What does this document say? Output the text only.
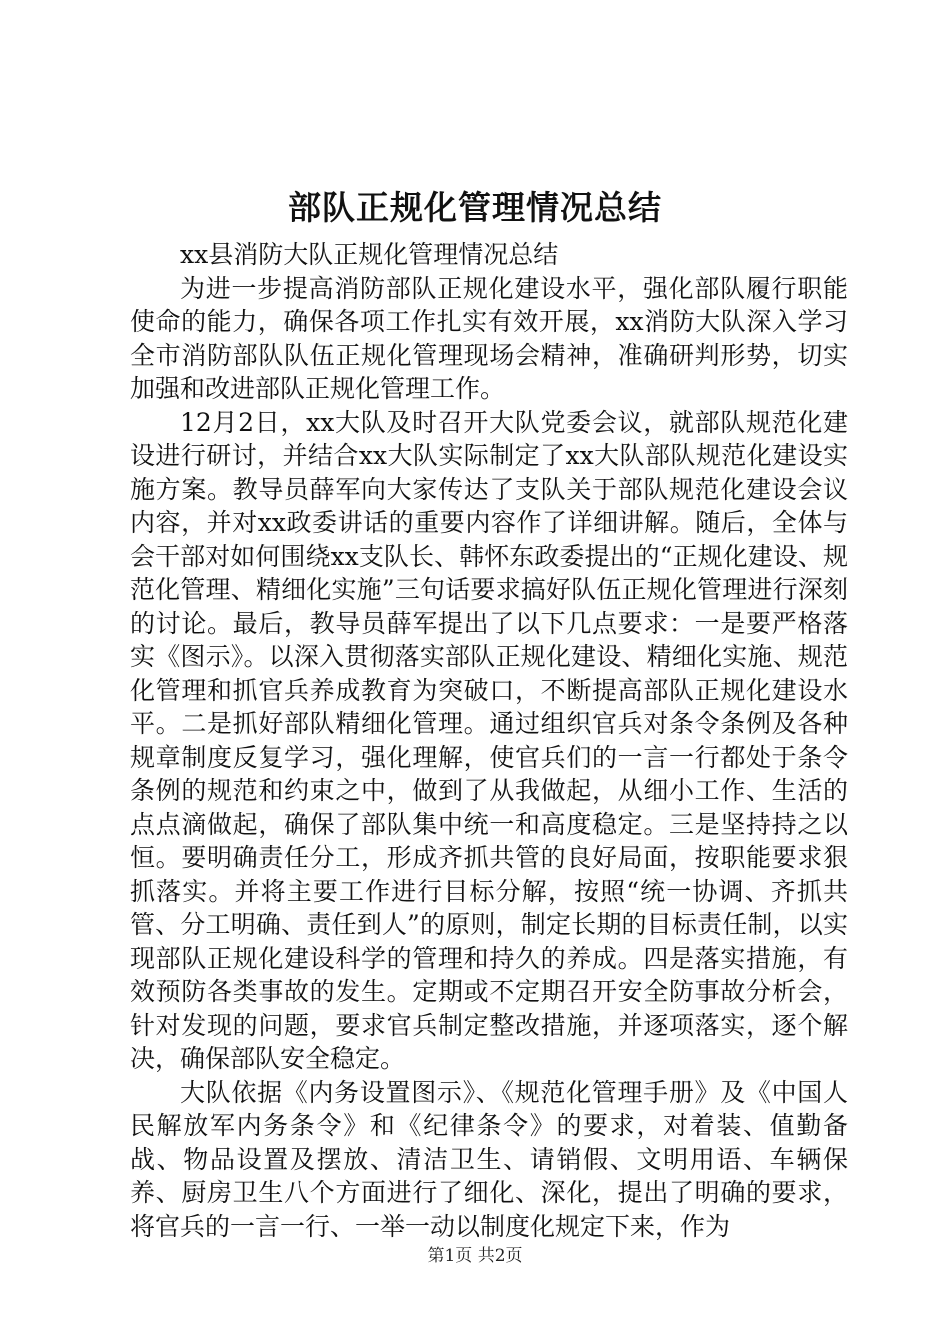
部队正规化管理情况总结

xx县消防大队正规化管理情况总结

为进一步提高消防部队正规化建设水平，强化部队履行职能使命的能力，确保各项工作扎实有效开展，xx消防大队深入学习全市消防部队队伍正规化管理现场会精神，准确研判形势，切实加强和改进部队正规化管理工作。

12月2日，xx大队及时召开大队党委会议，就部队规范化建设进行研讨，并结合xx大队实际制定了xx大队部队规范化建设实施方案。教导员薛军向大家传达了支队关于部队规范化建设会议内容，并对xx政委讲话的重要内容作了详细讲解。随后，全体与会干部对如何围绕xx支队长、韩怀东政委提出的“正规化建设、规范化管理、精细化实施”三句话要求搞好队伍正规化管理进行深刻的讨论。最后，教导员薛军提出了以下几点要求：一是要严格落实《图示》。以深入贯彻落实部队正规化建设、精细化实施、规范化管理和抓官兵养成教育为突破口，不断提高部队正规化建设水平。二是抓好部队精细化管理。通过组织官兵对条令条例及各种规章制度反复学习，强化理解，使官兵们的一言一行都处于条令条例的规范和约束之中，做到了从我做起，从细小工作、生活的点点滴做起，确保了部队集中统一和高度稳定。三是坚持持之以恒。要明确责任分工，形成齐抓共管的良好局面，按职能要求狠抓落实。并将主要工作进行目标分解，按照“统一协调、齐抓共管、分工明确、责任到人”的原则，制定长期的目标责任制，以实现部队正规化建设科学的管理和持久的养成。四是落实措施，有效预防各类事故的发生。定期或不定期召开安全防事故分析会，针对发现的问题，要求官兵制定整改措施，并逐项落实，逐个解决，确保部队安全稳定。

大队依据《内务设置图示》、《规范化管理手册》及《中国人民解放军内务条令》和《纪律条令》的要求，对着装、值勤备战、物品设置及摆放、清洁卫生、请销假、文明用语、车辆保养、厨房卫生八个方面进行了细化、深化，提出了明确的要求，将官兵的一言一行、一举一动以制度化规定下来，作为

第1页 共2页
